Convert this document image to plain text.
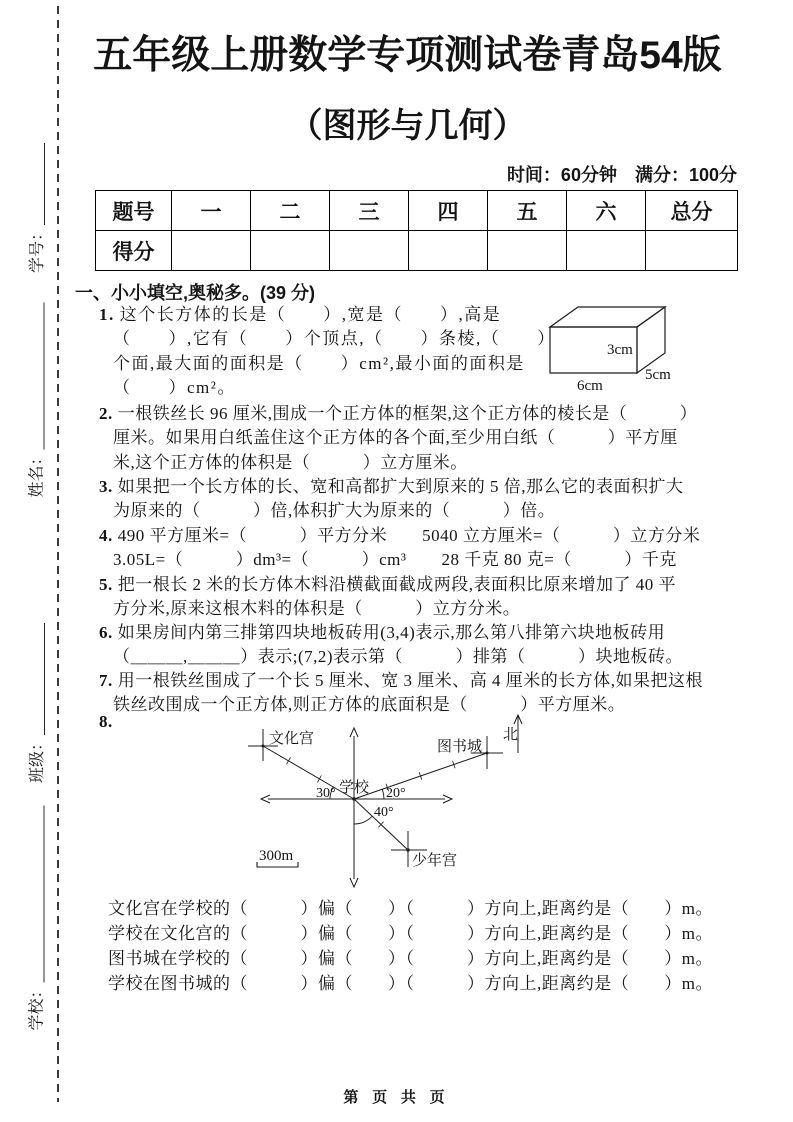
学号：
姓名：
班级：
学校：
五年级上册数学专项测试卷青岛54版
（图形与几何）
时间：60分钟　满分：100分
题号	一	二	三	四	五	六	总分
得分							
一、小小填空,奥秘多。(39 分)
1. 这个长方体的长是（　　）,宽是（　　）,高是
（　　）,它有（　　）个顶点,（　　）条棱,（　　）
个面,最大面的面积是（　　）cm²,最小面的面积是
（　　）cm²。
3cm
6cm
5cm
2. 一根铁丝长 96 厘米,围成一个正方体的框架,这个正方体的棱长是（　　　）
厘米。如果用白纸盖住这个正方体的各个面,至少用白纸（　　　）平方厘
米,这个正方体的体积是（　　　）立方厘米。
3. 如果把一个长方体的长、宽和高都扩大到原来的 5 倍,那么它的表面积扩大
为原来的（　　　）倍,体积扩大为原来的（　　　）倍。
4. 490 平方厘米=（　　　）平方分米　　5040 立方厘米=（　　　）立方分米
3.05L=（　　　）dm³=（　　　）cm³　　28 千克 80 克=（　　　）千克
5. 把一根长 2 米的长方体木料沿横截面截成两段,表面积比原来增加了 40 平
方分米,原来这根木料的体积是（　　　）立方分米。
6. 如果房间内第三排第四块地板砖用(3,4)表示,那么第八排第六块地板砖用
（＿＿＿,＿＿＿）表示;(7,2)表示第（　　　）排第（　　　）块地板砖。
7. 用一根铁丝围成了一个长 5 厘米、宽 3 厘米、高 4 厘米的长方体,如果把这根
铁丝改围成一个正方体,则正方体的底面积是（　　　）平方厘米。
8.
文化宫	图书城
少年宫
学校
北
30°	20°
40°
300m
文化宫在学校的（　　　）偏（　　）（　　　）方向上,距离约是（　　）m。
学校在文化宫的（　　　）偏（　　）（　　　）方向上,距离约是（　　）m。
图书城在学校的（　　　）偏（　　）（　　　）方向上,距离约是（　　）m。
学校在图书城的（　　　）偏（　　）（　　　）方向上,距离约是（　　）m。
第 页 共 页
